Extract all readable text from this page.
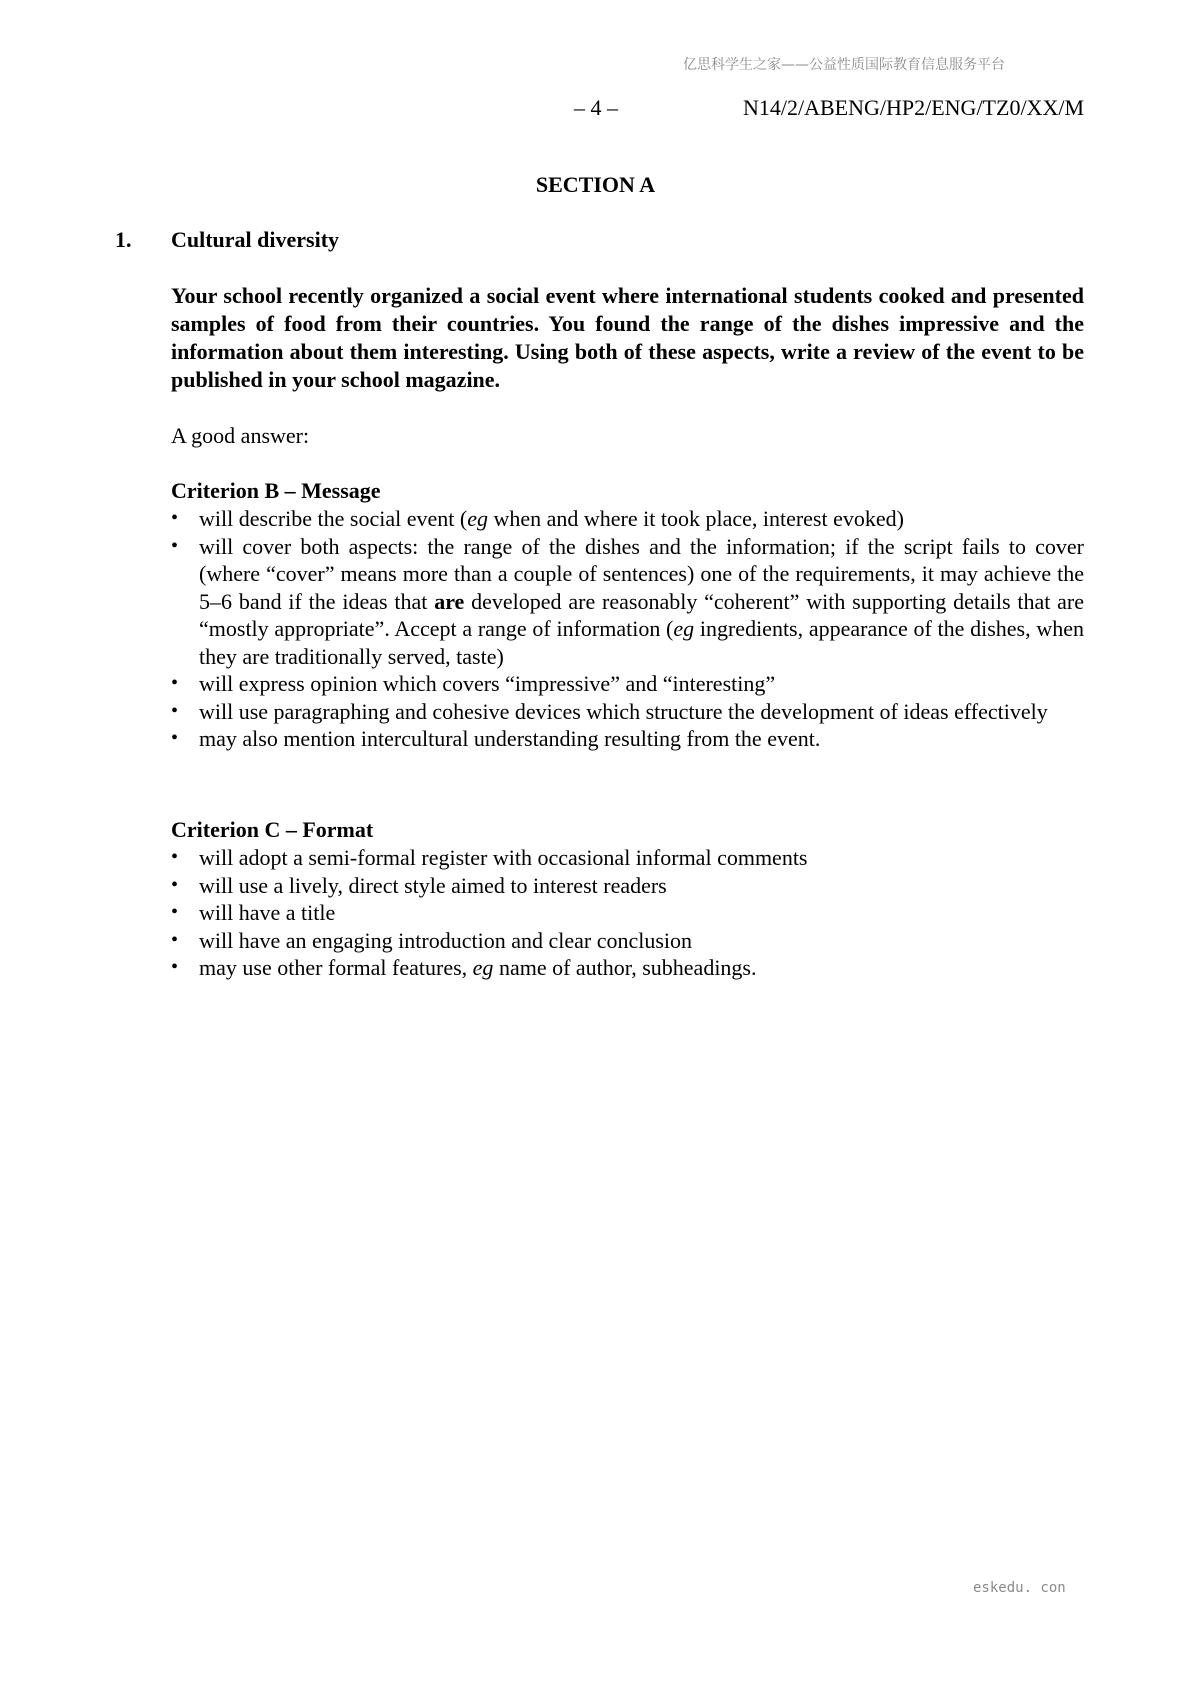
亿思科学生之家——公益性质国际教育信息服务平台
– 4 –	N14/2/ABENG/HP2/ENG/TZ0/XX/M
SECTION A
1. Cultural diversity

Your school recently organized a social event where international students cooked and presented samples of food from their countries. You found the range of the dishes impressive and the information about them interesting. Using both of these aspects, write a review of the event to be published in your school magazine.

A good answer:
Criterion B – Message
• will describe the social event (eg when and where it took place, interest evoked)
• will cover both aspects: the range of the dishes and the information; if the script fails to cover (where “cover” means more than a couple of sentences) one of the requirements, it may achieve the 5–6 band if the ideas that are developed are reasonably “coherent” with supporting details that are “mostly appropriate”. Accept a range of information (eg ingredients, appearance of the dishes, when they are traditionally served, taste)
• will express opinion which covers “impressive” and “interesting”
• will use paragraphing and cohesive devices which structure the development of ideas effectively
• may also mention intercultural understanding resulting from the event.
Criterion C – Format
• will adopt a semi-formal register with occasional informal comments
• will use a lively, direct style aimed to interest readers
• will have a title
• will have an engaging introduction and clear conclusion
• may use other formal features, eg name of author, subheadings.
eskedu. con
